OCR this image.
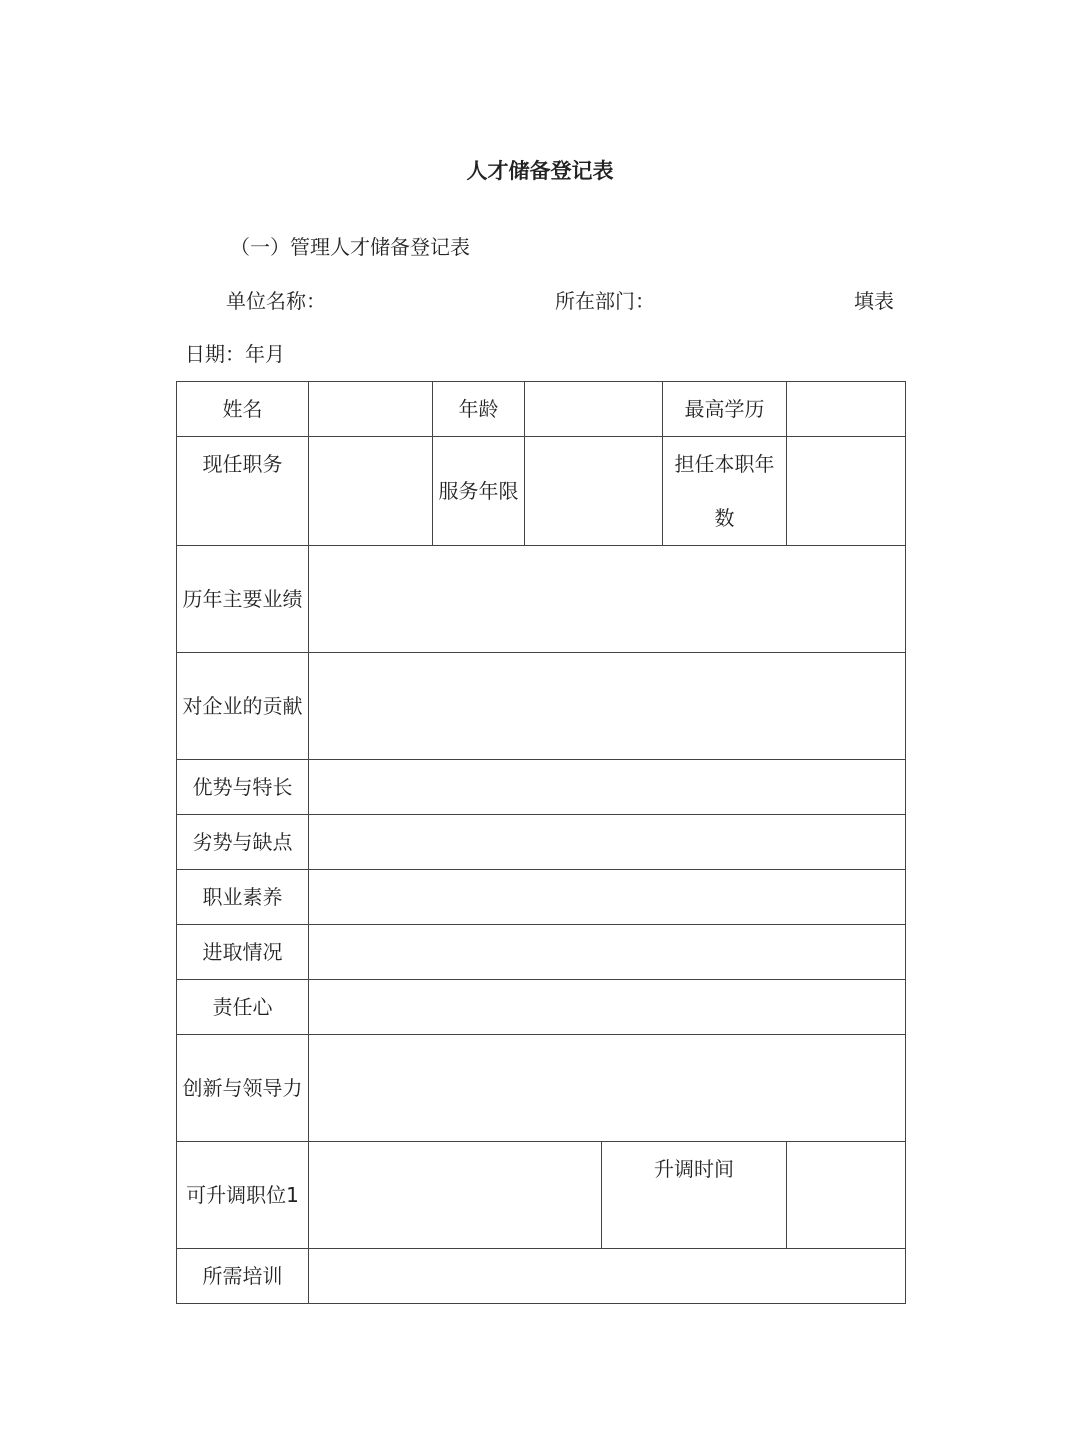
人才储备登记表
（一）管理人才储备登记表
单位名称：	所在部门：	填表
日期：年月
姓名		年龄			最高学历	
现任职务		服务年限			担任本职年数	
历年主要业绩						
对企业的贡献						
优势与特长						
劣势与缺点						
职业素养						
进取情况						
责任心						
创新与领导力						
可升调职位1				升调时间		
所需培训						
